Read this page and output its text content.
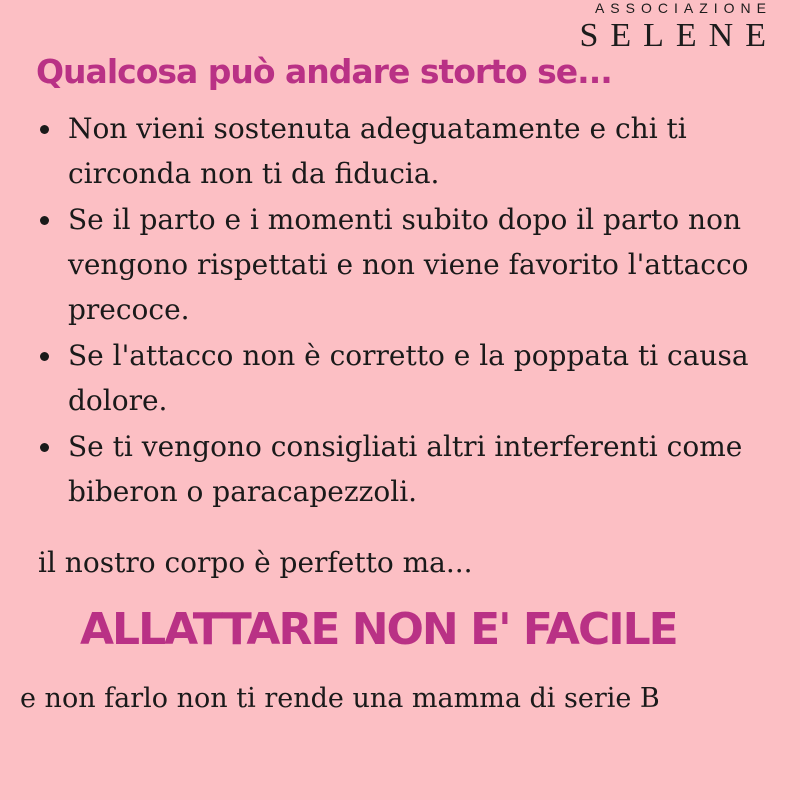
ASSOCIAZIONE
SELENE
Qualcosa può andare storto se...
Non vieni sostenuta adeguatamente e chi ti circonda non ti da fiducia.
Se il parto e i momenti subito dopo il parto non vengono rispettati e non viene favorito l'attacco precoce.
Se l'attacco non è corretto e la poppata ti causa dolore.
Se ti vengono consigliati altri interferenti come biberon o paracapezzoli.

il nostro corpo è perfetto ma...

ALLATTARE NON E' FACILE

e non farlo non ti rende una mamma di serie B
